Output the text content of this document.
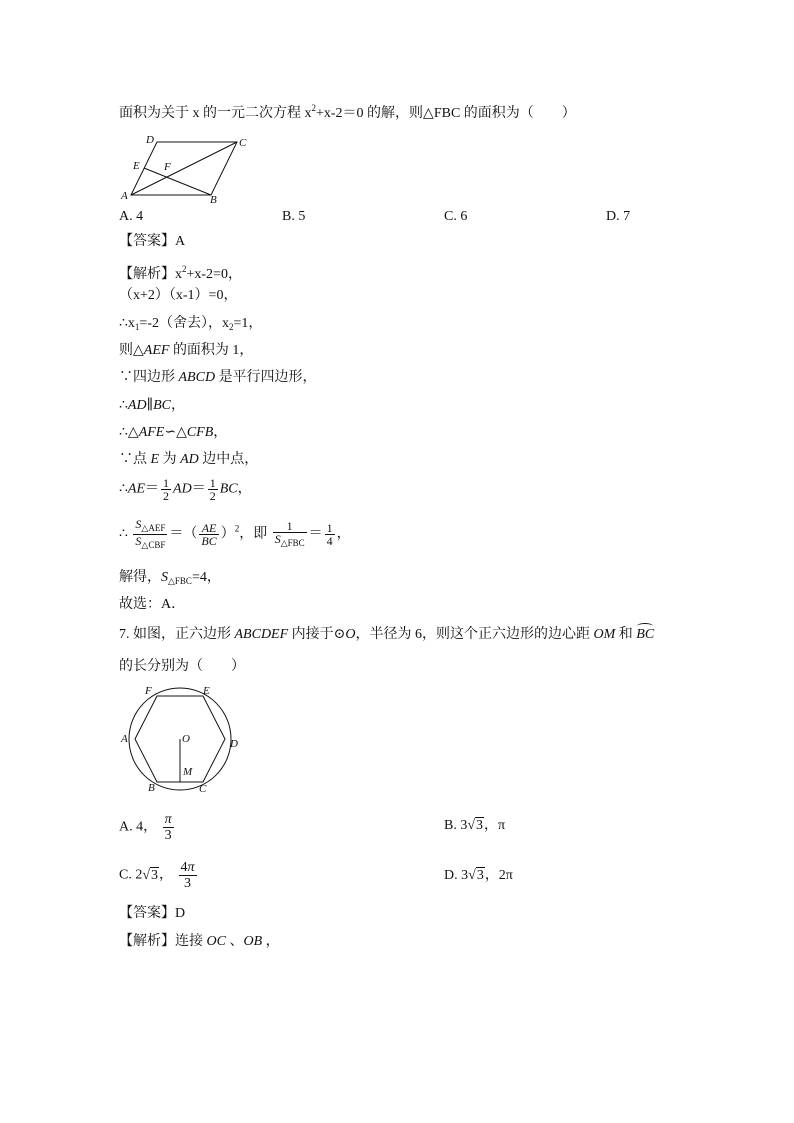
面积为关于 x 的一元二次方程 $x^2+x-2=0$ 的解，则△FBC 的面积为（　　）
D	C
E F
A	B
A. 4	B. 5	C. 6	D. 7
【答案】A
【解析】$x^2+x-2=0$，
（x+2）（x-1）=0，
$\therefore x_1=-2$（舍去），$x_2=1$，
则△AEF 的面积为 1，
∵四边形 ABCD 是平行四边形，
∴AD∥BC，
∴△AFE∽△CFB，
∵点 E 为 AD 边中点，
∴AE＝ $\frac{1}{2} AD= \frac{1}{2}$ BC，
∴ $\frac{S_{\triangle AEF}}{S_{\triangle CBF}}$ ＝（ $\frac{AE}{BC} )^2$，即 $\frac{1}{S_{\triangle FBC}} = \frac{1}{4}$ ，
解得，$S_{\triangle FBC}=4$，
故选：A．
7. 如图，正六边形 ABCDEF 内接于⊙O，半径为 6，则这个正六边形的边心距 OM 和 BC
的长分别为（　　）
F	E
A	D
O
M
B	C
A. 4， $\frac{\pi}{3}$	B. 3√3，π
C. 2√3， $\frac{4\pi}{3}$	D. 3√3，2π
【答案】D
【解析】连接 OC 、OB ，
